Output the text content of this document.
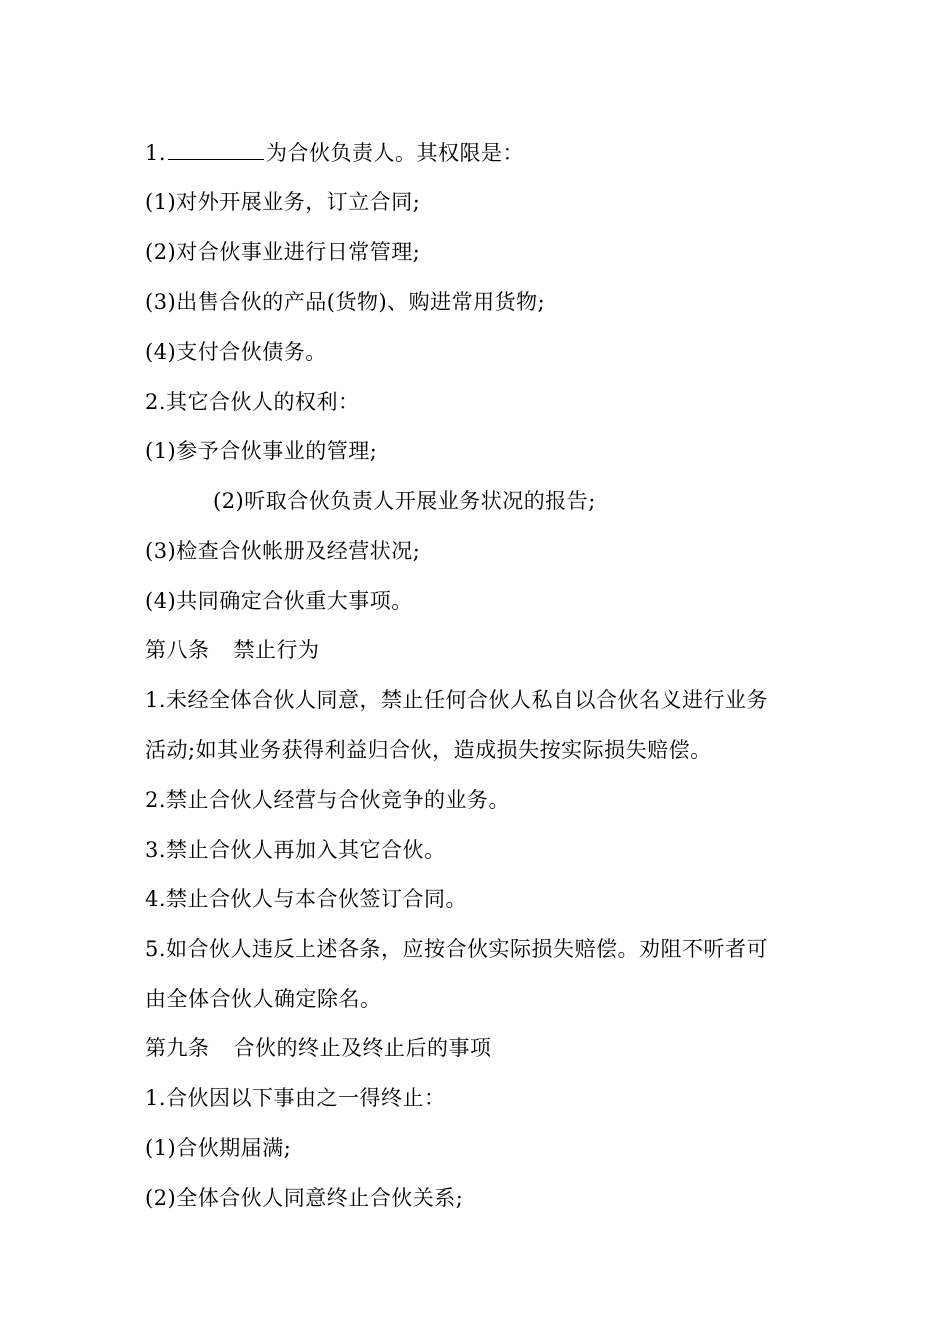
1.	为合伙负责人。其权限是：
(1)对外开展业务，订立合同;
(2)对合伙事业进行日常管理;
(3)出售合伙的产品(货物)、购进常用货物;
(4)支付合伙债务。
2.其它合伙人的权利：
(1)参予合伙事业的管理;
(2)听取合伙负责人开展业务状况的报告;
(3)检查合伙帐册及经营状况;
(4)共同确定合伙重大事项。
第八条 禁止行为
1.未经全体合伙人同意，禁止任何合伙人私自以合伙名义进行业务
活动;如其业务获得利益归合伙，造成损失按实际损失赔偿。
2.禁止合伙人经营与合伙竞争的业务。
3.禁止合伙人再加入其它合伙。
4.禁止合伙人与本合伙签订合同。
5.如合伙人违反上述各条，应按合伙实际损失赔偿。劝阻不听者可
由全体合伙人确定除名。
第九条 合伙的终止及终止后的事项
1.合伙因以下事由之一得终止：
(1)合伙期届满;
(2)全体合伙人同意终止合伙关系;
